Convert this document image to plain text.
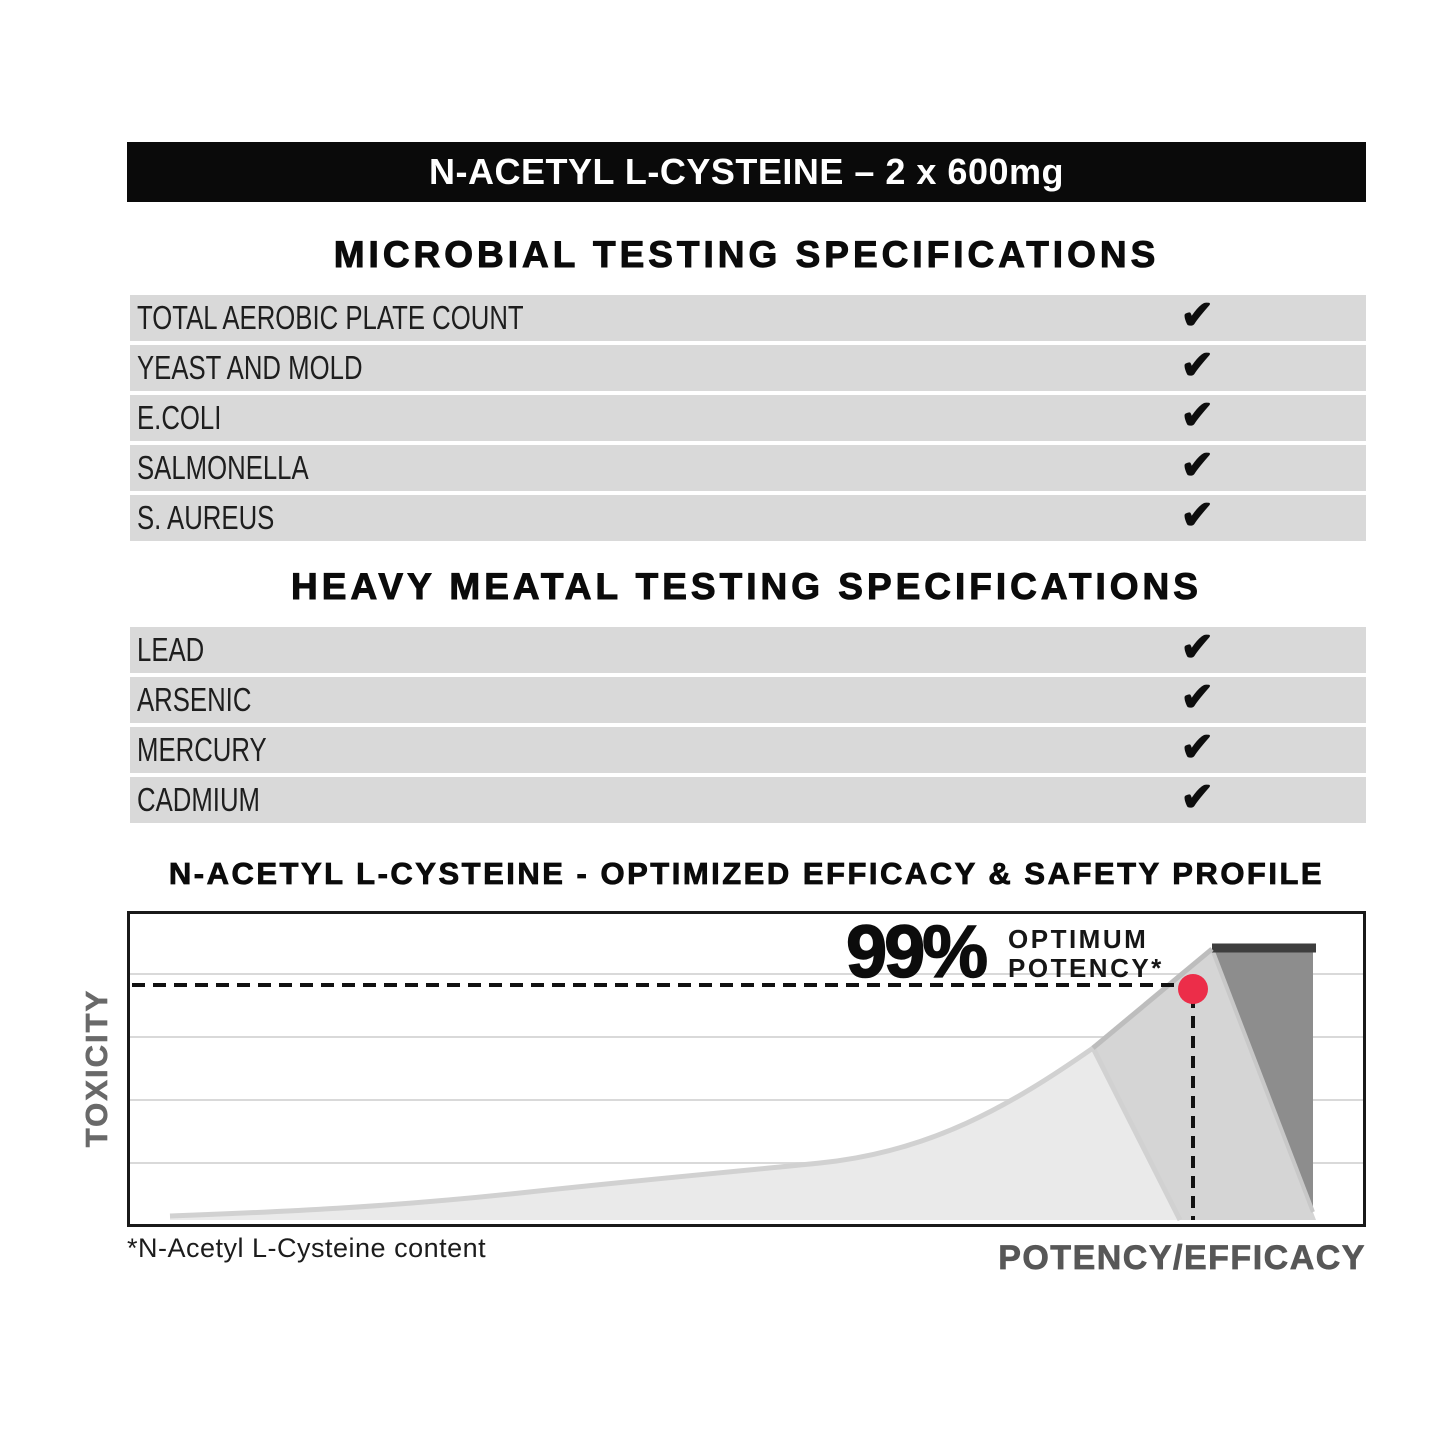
N-ACETYL L-CYSTEINE – 2 x 600mg
MICROBIAL TESTING SPECIFICATIONS
TOTAL AEROBIC PLATE COUNT	✔
YEAST AND MOLD	✔
E.COLI	✔
SALMONELLA	✔
S. AUREUS	✔
HEAVY MEATAL TESTING SPECIFICATIONS
LEAD	✔
ARSENIC	✔
MERCURY	✔
CADMIUM	✔
N-ACETYL L-CYSTEINE - OPTIMIZED EFFICACY & SAFETY PROFILE
99% OPTIMUM
POTENCY*
TOXICITY
POTENCY/EFFICACY
*N-Acetyl L-Cysteine content
